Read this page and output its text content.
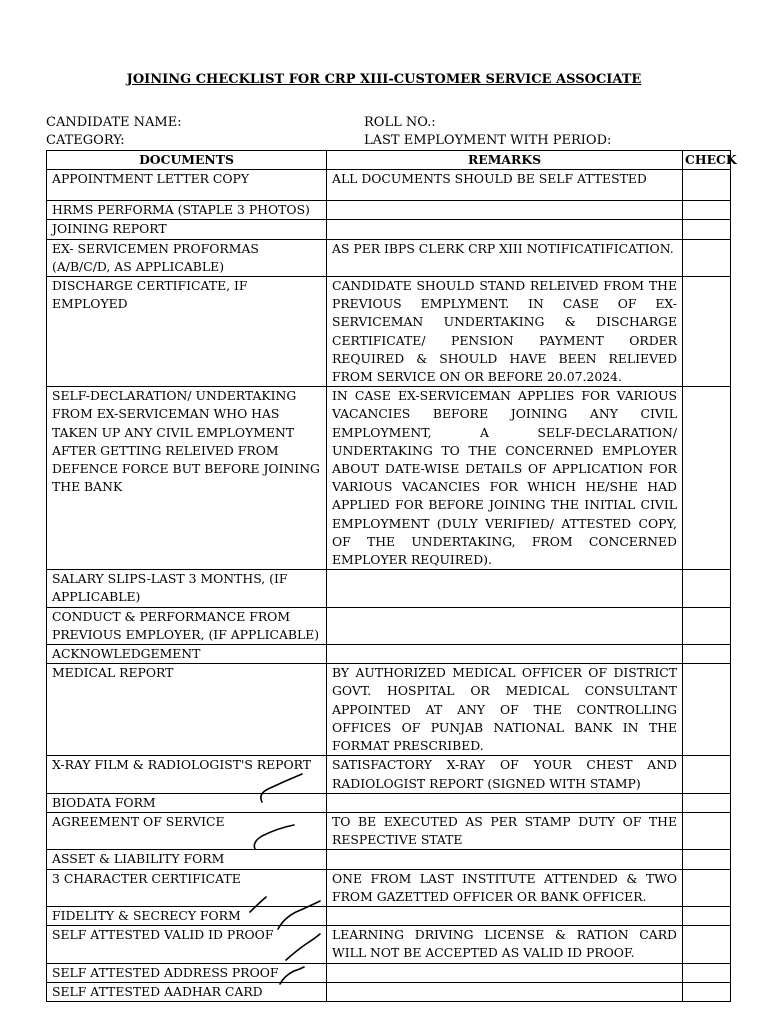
JOINING CHECKLIST FOR CRP XIII-CUSTOMER SERVICE ASSOCIATE
CANDIDATE NAME:	ROLL NO.:
CATEGORY:	LAST EMPLOYMENT WITH PERIOD:
DOCUMENTS	REMARKS	CHECK
APPOINTMENT LETTER COPY	ALL DOCUMENTS SHOULD BE SELF ATTESTED	
HRMS PERFORMA (STAPLE 3 PHOTOS)		
JOINING REPORT		
EX- SERVICEMEN PROFORMAS (A/B/C/D, AS APPLICABLE)	AS PER IBPS CLERK CRP XIII NOTIFICATIFICATION.	
DISCHARGE CERTIFICATE, IF EMPLOYED	CANDIDATE SHOULD STAND RELEIVED FROM THE PREVIOUS EMPLYMENT. IN CASE OF EX-SERVICEMAN UNDERTAKING & DISCHARGE CERTIFICATE/ PENSION PAYMENT ORDER REQUIRED & SHOULD HAVE BEEN RELIEVED FROM SERVICE ON OR BEFORE 20.07.2024.	
SELF-DECLARATION/ UNDERTAKING FROM EX-SERVICEMAN WHO HAS TAKEN UP ANY CIVIL EMPLOYMENT AFTER GETTING RELEIVED FROM DEFENCE FORCE BUT BEFORE JOINING THE BANK	IN CASE EX-SERVICEMAN APPLIES FOR VARIOUS VACANCIES BEFORE JOINING ANY CIVIL EMPLOYMENT, A SELF-DECLARATION/ UNDERTAKING TO THE CONCERNED EMPLOYER ABOUT DATE-WISE DETAILS OF APPLICATION FOR VARIOUS VACANCIES FOR WHICH HE/SHE HAD APPLIED FOR BEFORE JOINING THE INITIAL CIVIL EMPLOYMENT (DULY VERIFIED/ ATTESTED COPY, OF THE UNDERTAKING, FROM CONCERNED EMPLOYER REQUIRED).	
SALARY SLIPS-LAST 3 MONTHS, (IF APPLICABLE)		
CONDUCT & PERFORMANCE FROM PREVIOUS EMPLOYER, (IF APPLICABLE)		
ACKNOWLEDGEMENT		
MEDICAL REPORT	BY AUTHORIZED MEDICAL OFFICER OF DISTRICT GOVT. HOSPITAL OR MEDICAL CONSULTANT APPOINTED AT ANY OF THE CONTROLLING OFFICES OF PUNJAB NATIONAL BANK IN THE FORMAT PRESCRIBED.	
X-RAY FILM & RADIOLOGIST'S REPORT	SATISFACTORY X-RAY OF YOUR CHEST AND RADIOLOGIST REPORT (SIGNED WITH STAMP)	
BIODATA FORM		
AGREEMENT OF SERVICE	TO BE EXECUTED AS PER STAMP DUTY OF THE RESPECTIVE STATE	
ASSET & LIABILITY FORM		
3 CHARACTER CERTIFICATE	ONE FROM LAST INSTITUTE ATTENDED & TWO FROM GAZETTED OFFICER OR BANK OFFICER.	
FIDELITY & SECRECY FORM		
SELF ATTESTED VALID ID PROOF	LEARNING DRIVING LICENSE & RATION CARD WILL NOT BE ACCEPTED AS VALID ID PROOF.	
SELF ATTESTED ADDRESS PROOF		
SELF ATTESTED AADHAR CARD		
